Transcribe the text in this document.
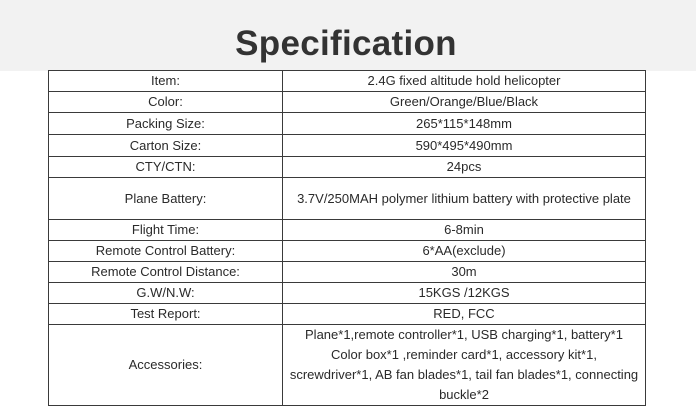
Specification
Item:	2.4G fixed altitude hold helicopter
Color:	Green/Orange/Blue/Black
Packing Size:	265*115*148mm
Carton Size:	590*495*490mm
CTY/CTN:	24pcs
Plane Battery:	3.7V/250MAH polymer lithium battery with protective plate
Flight Time:	6-8min
Remote Control Battery:	6*AA(exclude)
Remote Control Distance:	30m
G.W/N.W:	15KGS /12KGS
Test Report:	RED, FCC
Accessories:	Plane*1,remote controller*1, USB charging*1, battery*1 Color box*1 ,reminder card*1, accessory kit*1, screwdriver*1, AB fan blades*1, tail fan blades*1, connecting buckle*2
